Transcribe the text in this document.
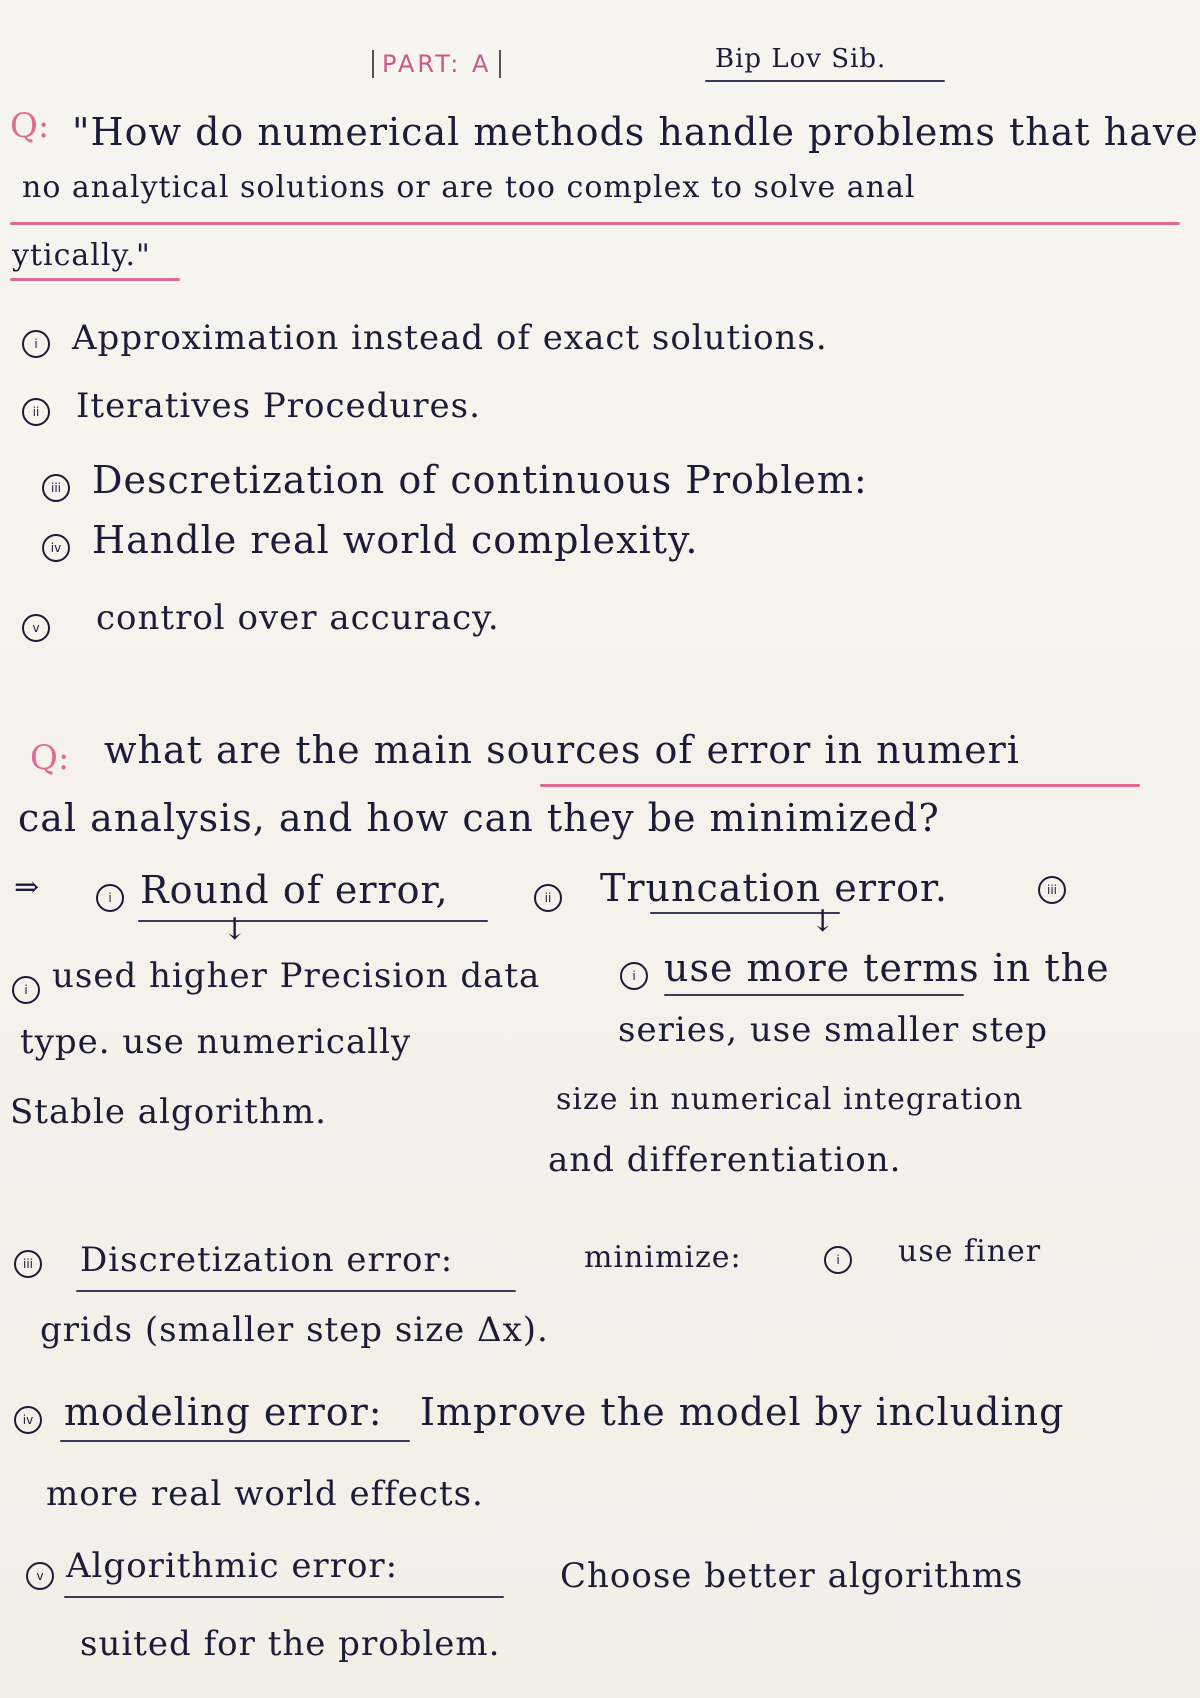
PART: A	Bip Lov Sib.
Q: "How do numerical methods handle problems that have
no analytical solutions or are too complex to solve anal
ytically."
i	Approximation instead of exact solutions.
ii	Iteratives Procedures.
iii Descretization of continuous Problem:
iv Handle real world complexity.
v	control over accuracy.
Q: what are the main sources of error in numeri
cal analysis, and how can they be minimized?
⇒	i Round of error,
↓
ii Truncation error.
↓
iii
i used higher Precision data
type. use numerically
Stable algorithm.
i use more terms in the
series, use smaller step
size in numerical integration
and differentiation.
iii Discretization error:	minimize:	i	use finer
grids (smaller step size Δx).
iv modeling error: Improve the model by including
more real world effects.
v Algorithmic error:	Choose better algorithms
suited for the problem.
